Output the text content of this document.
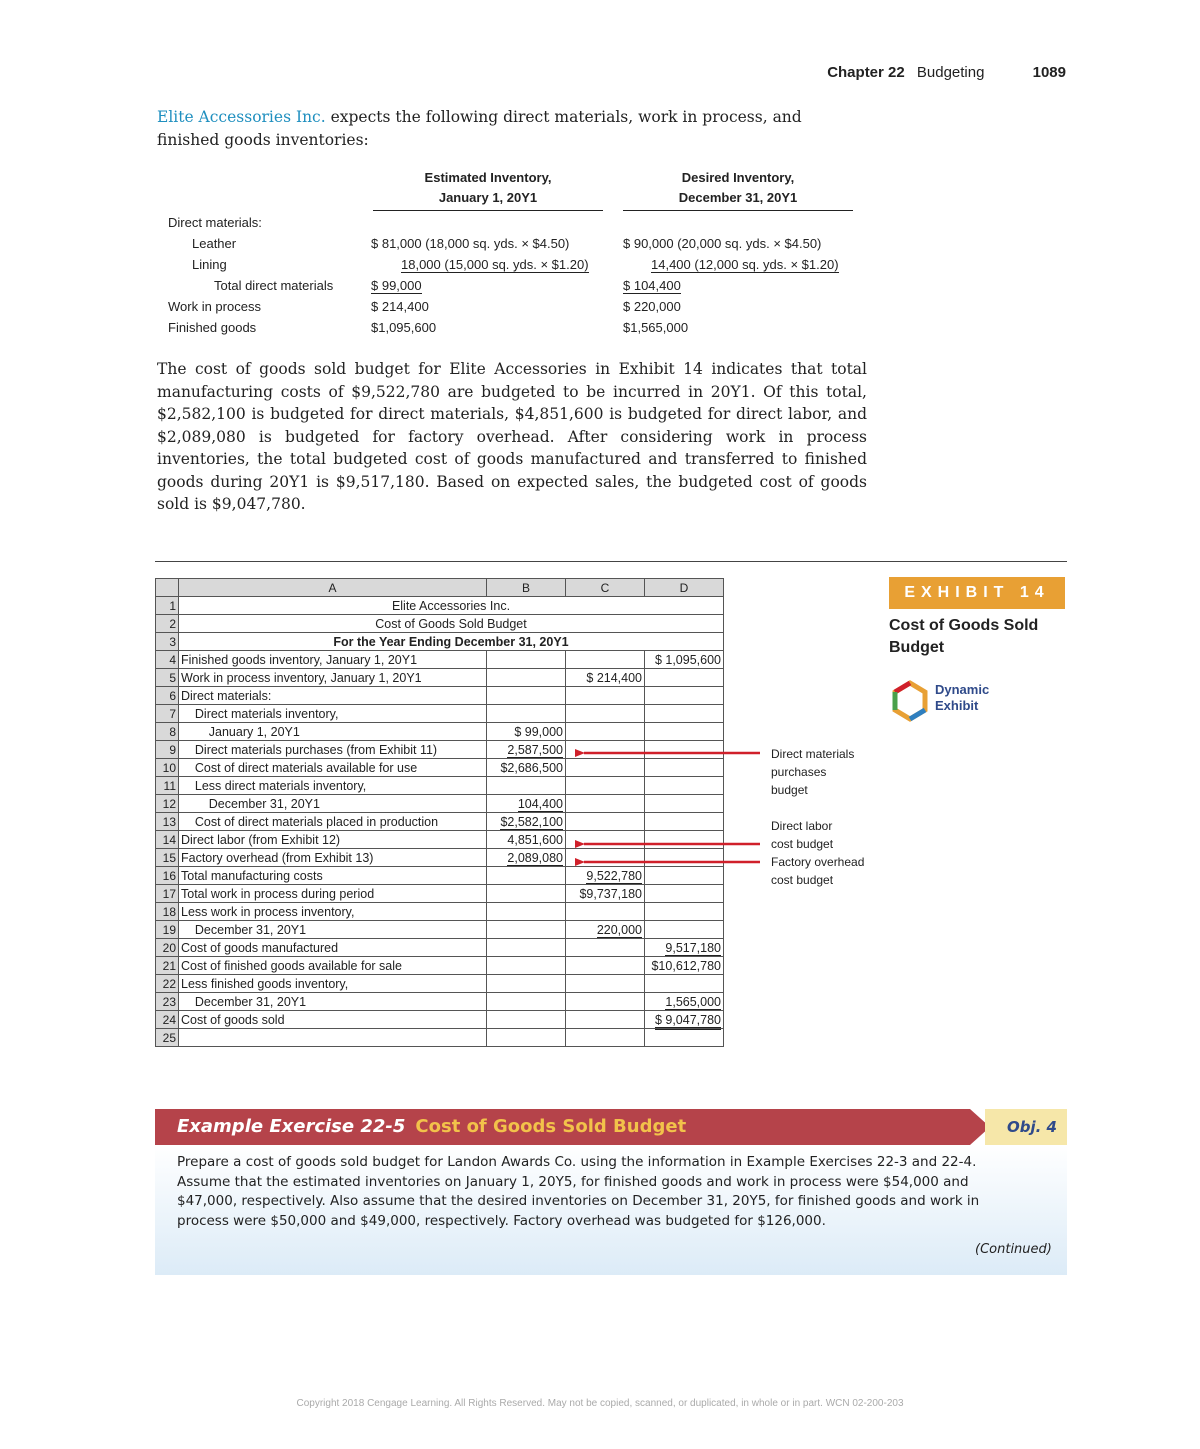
Chapter 22 Budgeting	1089
Elite Accessories Inc. expects the following direct materials, work in process, and finished goods inventories:
Estimated Inventory,
January 1, 20Y1
Desired Inventory,
December 31, 20Y1
Direct materials:
Leather	$ 81,000 (18,000 sq. yds. × $4.50)	$ 90,000 (20,000 sq. yds. × $4.50)
Lining	18,000 (15,000 sq. yds. × $1.20)	14,400 (12,000 sq. yds. × $1.20)
Total direct materials	$ 99,000	$ 104,400
Work in process	$ 214,400	$ 220,000
Finished goods	$1,095,600	$1,565,000
The cost of goods sold budget for Elite Accessories in Exhibit 14 indicates that total manufacturing costs of $9,522,780 are budgeted to be incurred in 20Y1. Of this total, $2,582,100 is budgeted for direct materials, $4,851,600 is budgeted for direct labor, and $2,089,080 is budgeted for factory overhead. After considering work in process inventories, the total budgeted cost of goods manufactured and transferred to finished goods during 20Y1 is $9,517,180. Based on expected sales, the budgeted cost of goods sold is $9,047,780.
	A	B	C	D
1	Elite Accessories Inc.			
2	Cost of Goods Sold Budget			
3	For the Year Ending December 31, 20Y1			
4	Finished goods inventory, January 1, 20Y1			$ 1,095,600
5	Work in process inventory, January 1, 20Y1		$ 214,400	
6	Direct materials:			
7	Direct materials inventory,			
8	January 1, 20Y1	$ 99,000		
9	Direct materials purchases (from Exhibit 11)	2,587,500		
10	Cost of direct materials available for use	$2,686,500		
11	Less direct materials inventory,			
12	December 31, 20Y1	104,400		
13	Cost of direct materials placed in production	$2,582,100		
14	Direct labor (from Exhibit 12)	4,851,600		
15	Factory overhead (from Exhibit 13)	2,089,080		
16	Total manufacturing costs		9,522,780	
17	Total work in process during period		$9,737,180	
18	Less work in process inventory,			
19	December 31, 20Y1		220,000	
20	Cost of goods manufactured			9,517,180
21	Cost of finished goods available for sale			$10,612,780
22	Less finished goods inventory,			
23	December 31, 20Y1			1,565,000
24	Cost of goods sold			$ 9,047,780
25				
Direct materials
purchases
budget
Direct labor
cost budget
Factory overhead
cost budget
EXHIBIT 14
Cost of Goods Sold Budget
Dynamic
Exhibit
Example Exercise 22-5 Cost of Goods Sold Budget	Obj. 4
Prepare a cost of goods sold budget for Landon Awards Co. using the information in Example Exercises 22-3 and 22-4. Assume that the estimated inventories on January 1, 20Y5, for finished goods and work in process were $54,000 and $47,000, respectively. Also assume that the desired inventories on December 31, 20Y5, for finished goods and work in process were $50,000 and $49,000, respectively. Factory overhead was budgeted for $126,000.
(Continued)
Copyright 2018 Cengage Learning. All Rights Reserved. May not be copied, scanned, or duplicated, in whole or in part. WCN 02-200-203
